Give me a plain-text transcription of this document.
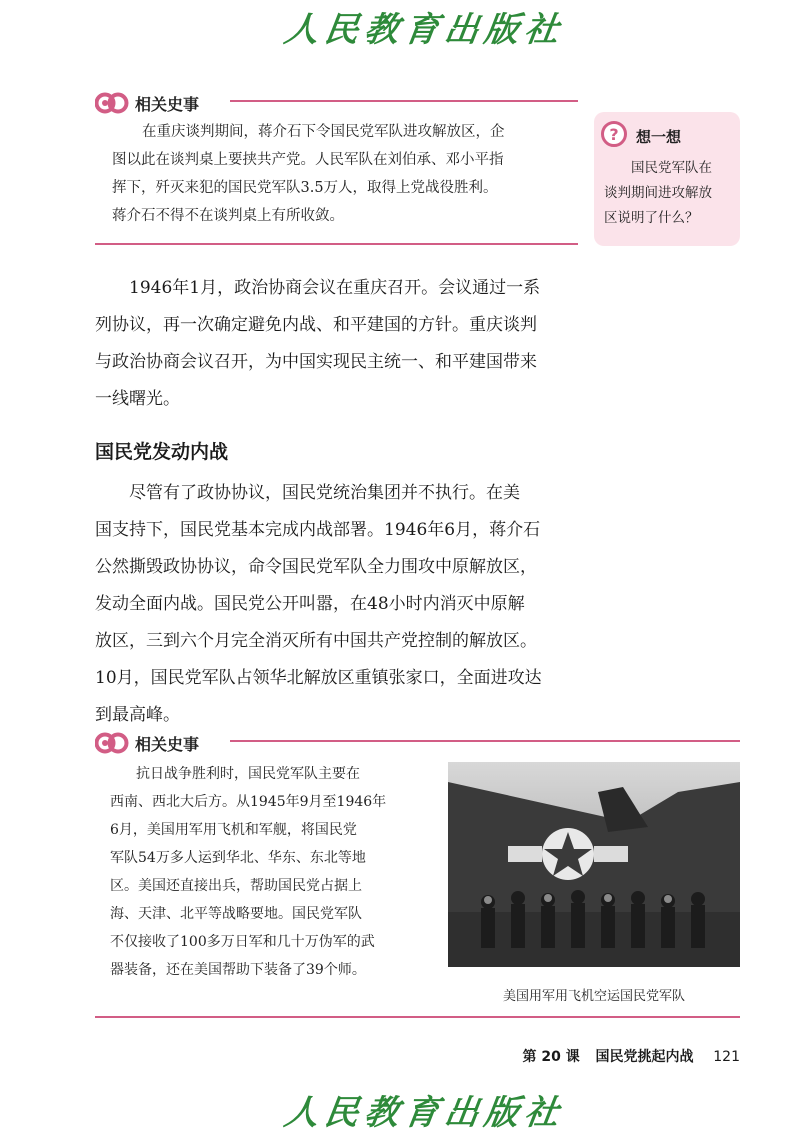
人民教育出版社
相关史事
在重庆谈判期间，蒋介石下令国民党军队进攻解放区，企
图以此在谈判桌上要挟共产党。人民军队在刘伯承、邓小平指
挥下，歼灭来犯的国民党军队3.5万人，取得上党战役胜利。
蒋介石不得不在谈判桌上有所收敛。
? 想一想
国民党军队在
谈判期间进攻解放
区说明了什么？
1946年1月，政治协商会议在重庆召开。会议通过一系
列协议，再一次确定避免内战、和平建国的方针。重庆谈判
与政治协商会议召开，为中国实现民主统一、和平建国带来
一线曙光。
国民党发动内战
尽管有了政协协议，国民党统治集团并不执行。在美
国支持下，国民党基本完成内战部署。1946年6月，蒋介石
公然撕毁政协协议，命令国民党军队全力围攻中原解放区，
发动全面内战。国民党公开叫嚣，在48小时内消灭中原解
放区，三到六个月完全消灭所有中国共产党控制的解放区。
10月，国民党军队占领华北解放区重镇张家口，全面进攻达
到最高峰。
相关史事
抗日战争胜利时，国民党军队主要在
西南、西北大后方。从1945年9月至1946年
6月，美国用军用飞机和军舰，将国民党
军队54万多人运到华北、华东、东北等地
区。美国还直接出兵，帮助国民党占据上
海、天津、北平等战略要地。国民党军队
不仅接收了100多万日军和几十万伪军的武
器装备，还在美国帮助下装备了39个师。
美国用军用飞机空运国民党军队
第 20 课 国民党挑起内战 121
人民教育出版社
